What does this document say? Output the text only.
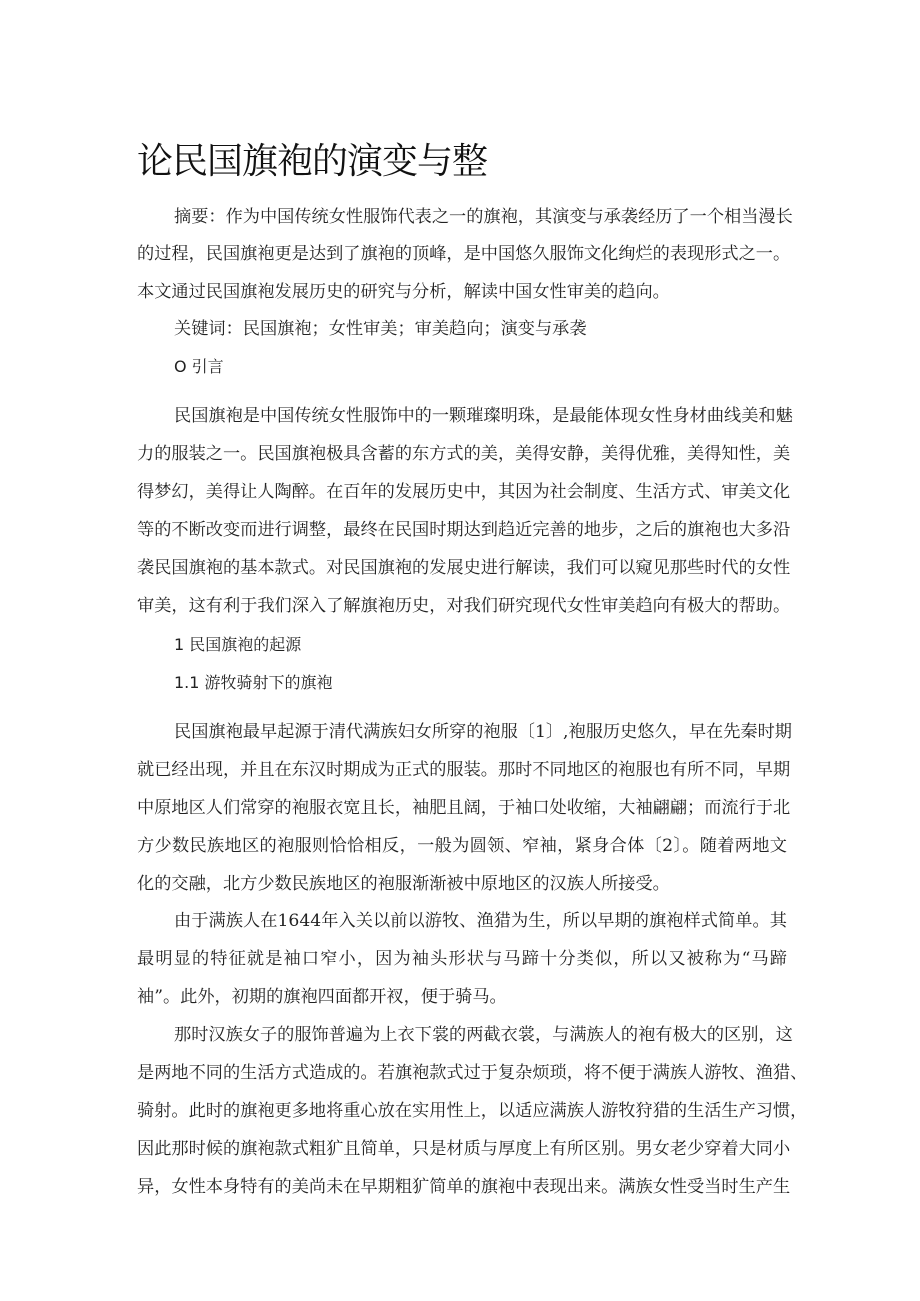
论民国旗袍的演变与整
摘要：作为中国传统女性服饰代表之一的旗袍，其演变与承袭经历了一个相当漫长
的过程，民国旗袍更是达到了旗袍的顶峰，是中国悠久服饰文化绚烂的表现形式之一。
本文通过民国旗袍发展历史的研究与分析，解读中国女性审美的趋向。
关键词：民国旗袍；女性审美；审美趋向；演变与承袭
O 引言
民国旗袍是中国传统女性服饰中的一颗璀璨明珠，是最能体现女性身材曲线美和魅
力的服装之一。民国旗袍极具含蓄的东方式的美，美得安静，美得优雅，美得知性，美
得梦幻，美得让人陶醉。在百年的发展历史中，其因为社会制度、生活方式、审美文化
等的不断改变而进行调整，最终在民国时期达到趋近完善的地步，之后的旗袍也大多沿
袭民国旗袍的基本款式。对民国旗袍的发展史进行解读，我们可以窥见那些时代的女性
审美，这有利于我们深入了解旗袍历史，对我们研究现代女性审美趋向有极大的帮助。
1 民国旗袍的起源
1.1 游牧骑射下的旗袍
民国旗袍最早起源于清代满族妇女所穿的袍服〔1〕,袍服历史悠久，早在先秦时期
就已经出现，并且在东汉时期成为正式的服装。那时不同地区的袍服也有所不同，早期
中原地区人们常穿的袍服衣宽且长，袖肥且阔，于袖口处收缩，大袖翩翩；而流行于北
方少数民族地区的袍服则恰恰相反，一般为圆领、窄袖，紧身合体〔2〕。随着两地文
化的交融，北方少数民族地区的袍服渐渐被中原地区的汉族人所接受。
由于满族人在1644年入关以前以游牧、渔猎为生，所以早期的旗袍样式简单。其
最明显的特征就是袖口窄小，因为袖头形状与马蹄十分类似，所以又被称为“马蹄
袖”。此外，初期的旗袍四面都开衩，便于骑马。
那时汉族女子的服饰普遍为上衣下裳的两截衣裳，与满族人的袍有极大的区别，这
是两地不同的生活方式造成的。若旗袍款式过于复杂烦琐，将不便于满族人游牧、渔猎、
骑射。此时的旗袍更多地将重心放在实用性上，以适应满族人游牧狩猎的生活生产习惯，
因此那时候的旗袍款式粗犷且简单，只是材质与厚度上有所区别。男女老少穿着大同小
异，女性本身特有的美尚未在早期粗犷简单的旗袍中表现出来。满族女性受当时生产生
